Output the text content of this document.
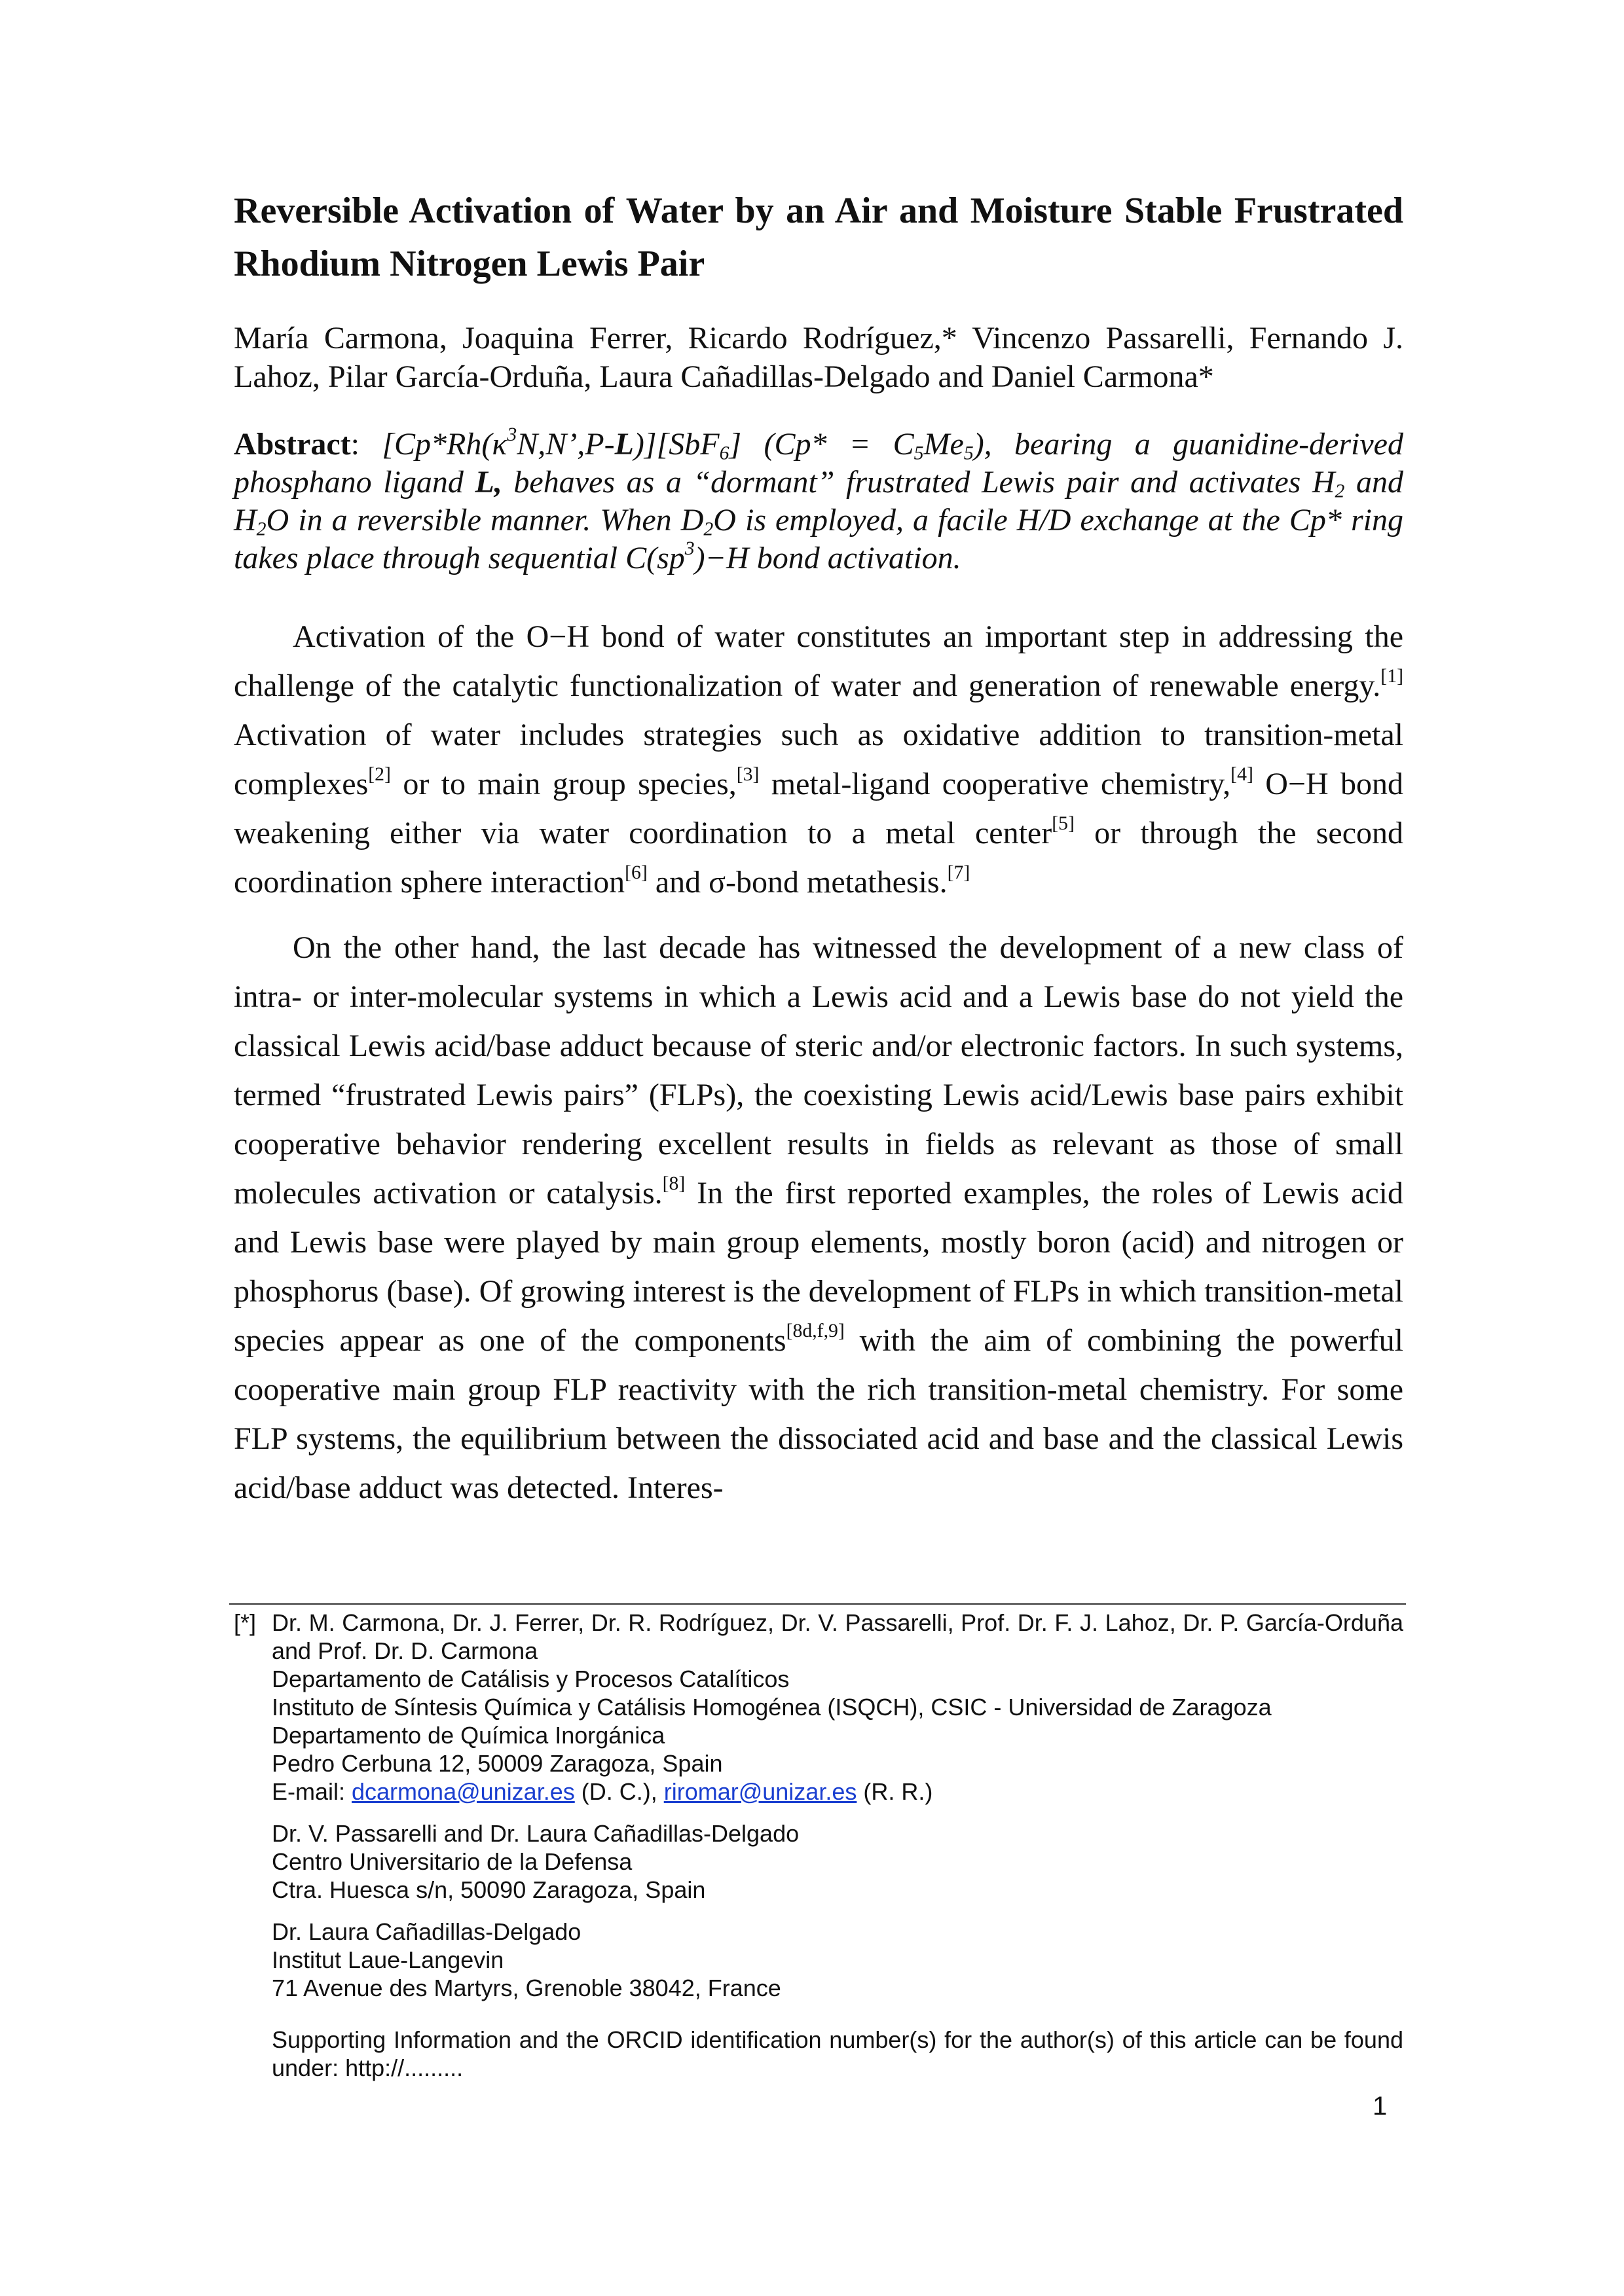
Reversible Activation of Water by an Air and Moisture Stable Frustrated Rhodium Nitrogen Lewis Pair

María Carmona, Joaquina Ferrer, Ricardo Rodríguez,* Vincenzo Passarelli, Fernando J. Lahoz, Pilar García-Orduña, Laura Cañadillas-Delgado and Daniel Carmona*

Abstract: $[Cp*Rh(\kappa^3N,N’,P-L)][SbF_6] (Cp* = C_5Me_5)$, bearing a guanidine-derived phosphano ligand L, behaves as a “dormant” frustrated Lewis pair and activates $H_2$ and $H_2O$ in a reversible manner. When $D_2O$ is employed, a facile H/D exchange at the Cp* ring takes place through sequential $C(sp^3)-H$ bond activation.

Activation of the O−H bond of water constitutes an important step in addressing the challenge of the catalytic functionalization of water and generation of renewable energy.[1] Activation of water includes strategies such as oxidative addition to transition-metal complexes[2] or to main group species,[3] metal-ligand cooperative chemistry,[4] O−H bond weakening either via water coordination to a metal center[5] or through the second coordination sphere interaction[6] and σ-bond metathesis.[7]

On the other hand, the last decade has witnessed the development of a new class of intra- or inter-molecular systems in which a Lewis acid and a Lewis base do not yield the classical Lewis acid/base adduct because of steric and/or electronic factors. In such systems, termed “frustrated Lewis pairs” (FLPs), the coexisting Lewis acid/Lewis base pairs exhibit cooperative behavior rendering excellent results in fields as relevant as those of small molecules activation or catalysis.[8] In the first reported examples, the roles of Lewis acid and Lewis base were played by main group elements, mostly boron (acid) and nitrogen or phosphorus (base). Of growing interest is the development of FLPs in which transition-metal species appear as one of the components[8d,f,9] with the aim of combining the powerful cooperative main group FLP reactivity with the rich transition-metal chemistry. For some FLP systems, the equilibrium between the dissociated acid and base and the classical Lewis acid/base adduct was detected. Interes-

[*] Dr. M. Carmona, Dr. J. Ferrer, Dr. R. Rodríguez, Dr. V. Passarelli, Prof. Dr. F. J. Lahoz, Dr. P. García-Orduña and Prof. Dr. D. Carmona
Departamento de Catálisis y Procesos Catalíticos
Instituto de Síntesis Química y Catálisis Homogénea (ISQCH), CSIC - Universidad de Zaragoza
Departamento de Química Inorgánica
Pedro Cerbuna 12, 50009 Zaragoza, Spain
E-mail: dcarmona@unizar.es (D. C.), riromar@unizar.es (R. R.)
Dr. V. Passarelli and Dr. Laura Cañadillas-Delgado
Centro Universitario de la Defensa
Ctra. Huesca s/n, 50090 Zaragoza, Spain
Dr. Laura Cañadillas-Delgado
Institut Laue-Langevin
71 Avenue des Martyrs, Grenoble 38042, France
Supporting Information and the ORCID identification number(s) for the author(s) of this article can be found under: http://.........
1
